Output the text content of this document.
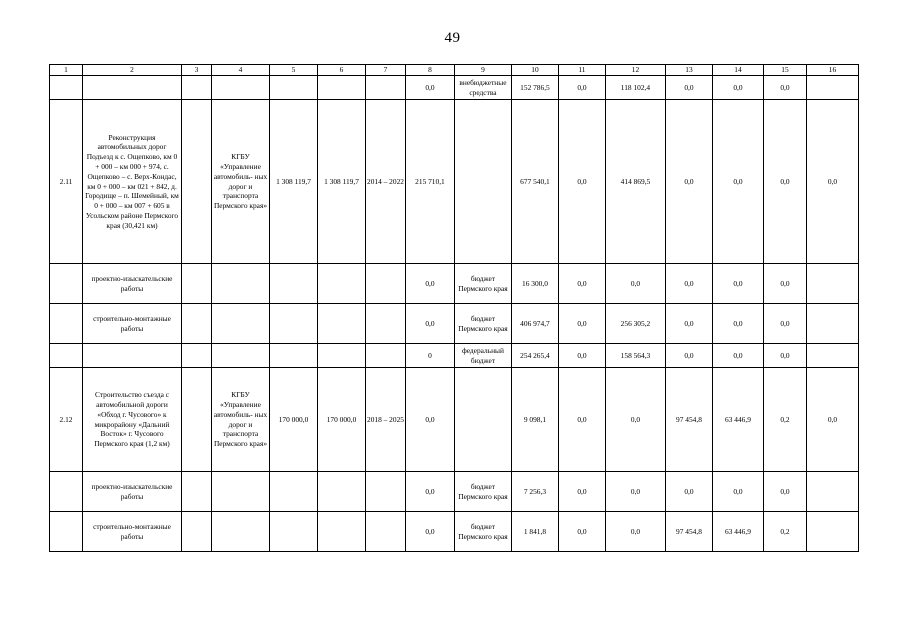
49
1	2	3	4	5	6	7	8	9	10	11	12	13	14	15	16
							0,0	внебюджетные средства	152 786,5	0,0	118 102,4	0,0	0,0	0,0	
2.11	Реконструкция автомобильных дорог Подъезд к с. Ощепково, км 0 + 000 – км 000 + 974, с. Ощепково – с. Верх-Кондас, км 0 + 000 – км 021 + 842, д. Городище – п. Шемейный, км 0 + 000 – км 007 + 605 в Усольском районе Пермского края (30,421 км)		КГБУ «Управление автомобиль- ных дорог и транспорта Пермского края»	1 308 119,7	1 308 119,7	2014 – 2022	215 710,1		677 540,1	0,0	414 869,5	0,0	0,0	0,0	0,0
	проектно-изыскательские работы						0,0	бюджет Пермского края	16 300,0	0,0	0,0	0,0	0,0	0,0	
	строительно-монтажные работы						0,0	бюджет Пермского края	406 974,7	0,0	256 305,2	0,0	0,0	0,0	
							0	федеральный бюджет	254 265,4	0,0	158 564,3	0,0	0,0	0,0	
2.12	Строительство съезда с автомобильной дороги «Обход г. Чусового» к микрорайону «Дальний Восток» г. Чусового Пермского края (1,2 км)		КГБУ «Управление автомобиль- ных дорог и транспорта Пермского края»	170 000,0	170 000,0	2018 – 2025	0,0		9 098,1	0,0	0,0	97 454,8	63 446,9	0,2	0,0
	проектно-изыскательские работы						0,0	бюджет Пермского края	7 256,3	0,0	0,0	0,0	0,0	0,0	
	строительно-монтажные работы						0,0	бюджет Пермского края	1 841,8	0,0	0,0	97 454,8	63 446,9	0,2	
